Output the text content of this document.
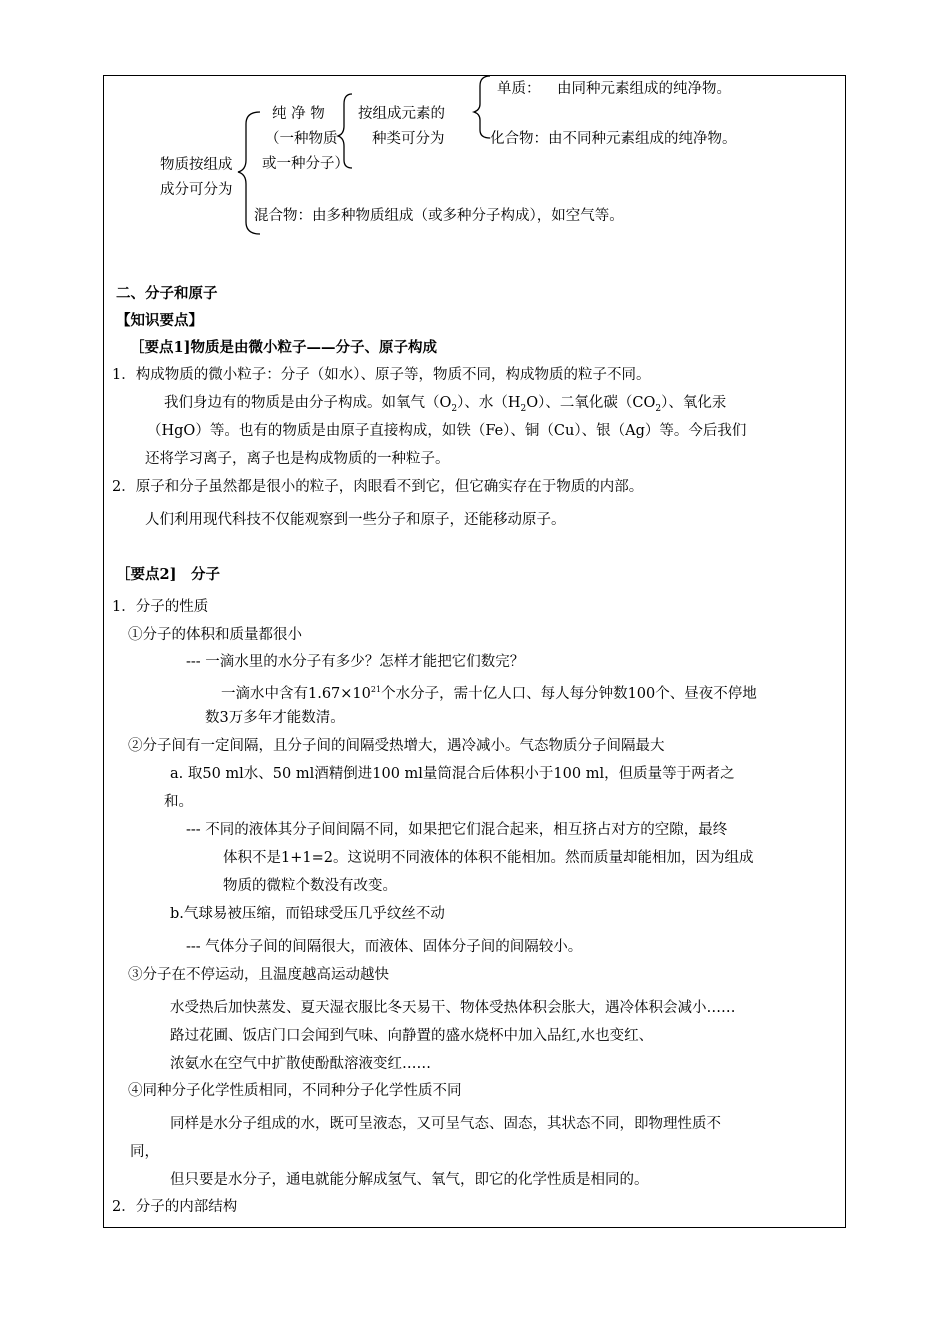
物质按组成
成分可分为
纯 净 物
（一种物质
或一种分子）
按组成元素的
种类可分为
单质： 由同种元素组成的纯净物。
化合物：由不同种元素组成的纯净物。
混合物：由多种物质组成（或多种分子构成），如空气等。
二、分子和原子
【知识要点】
［要点1]物质是由微小粒子——分子、原子构成
1．构成物质的微小粒子：分子（如水）、原子等，物质不同，构成物质的粒子不同。
我们身边有的物质是由分子构成。如氧气$(O_2)$、水$(H_2O)$、二氧化碳$(CO_2)$、氧化汞
（HgO）等。也有的物质是由原子直接构成，如铁（Fe）、铜（Cu）、银（Ag）等。今后我们
还将学习离子，离子也是构成物质的一种粒子。
2．原子和分子虽然都是很小的粒子，肉眼看不到它，但它确实存在于物质的内部。
人们利用现代科技不仅能观察到一些分子和原子，还能移动原子。
［要点2]　分子
1．分子的性质
①分子的体积和质量都很小
--- 一滴水里的水分子有多少？怎样才能把它们数完？
一滴水中含有$1.67\times 10^{21}$个水分子，需十亿人口、每人每分钟数100个、昼夜不停地
数3万多年才能数清。
②分子间有一定间隔，且分子间的间隔受热增大，遇冷减小。气态物质分子间隔最大
a. 取50 ml水、50 ml酒精倒进100 ml量筒混合后体积小于100 ml，但质量等于两者之
和。
--- 不同的液体其分子间间隔不同，如果把它们混合起来，相互挤占对方的空隙，最终
体积不是1+1=2。这说明不同液体的体积不能相加。然而质量却能相加，因为组成
物质的微粒个数没有改变。
b.气球易被压缩，而铅球受压几乎纹丝不动
--- 气体分子间的间隔很大，而液体、固体分子间的间隔较小。
③分子在不停运动，且温度越高运动越快
水受热后加快蒸发、夏天湿衣服比冬天易干、物体受热体积会胀大，遇冷体积会减小……
路过花圃、饭店门口会闻到气味、向静置的盛水烧杯中加入品红,水也变红、
浓氨水在空气中扩散使酚酞溶液变红……
④同种分子化学性质相同，不同种分子化学性质不同
同样是水分子组成的水，既可呈液态，又可呈气态、固态，其状态不同，即物理性质不
同，
但只要是水分子，通电就能分解成氢气、氧气，即它的化学性质是相同的。
2．分子的内部结构
